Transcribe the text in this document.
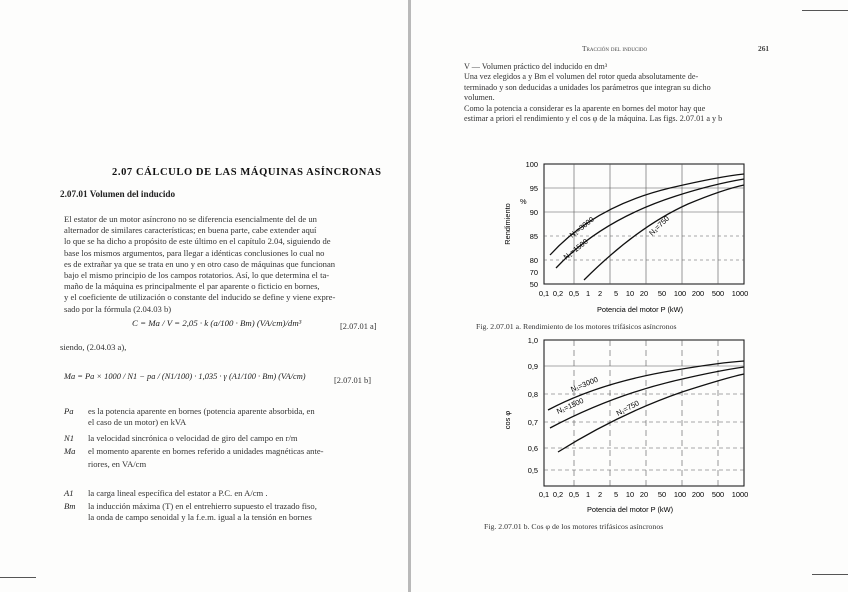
2.07 CÁLCULO DE LAS MÁQUINAS ASÍNCRONAS
2.07.01 Volumen del inducido
El estator de un motor asíncrono no se diferencia esencialmente del de un
alternador de similares características; en buena parte, cabe extender aquí
lo que se ha dicho a propósito de este último en el capítulo 2.04, siguiendo de
base los mismos argumentos, para llegar a idénticas conclusiones lo cual no
es de extrañar ya que se trata en uno y en otro caso de máquinas que funcionan
bajo el mismo principio de los campos rotatorios. Así, lo que determina el ta-
maño de la máquina es principalmente el par aparente o ficticio en bornes,
y el coeficiente de utilización o constante del inducido se define y viene expre-
sado por la fórmula (2.04.03 b)
C = Ma / V = 2,05 · k (a/100 · Bm) (VA/cm)/dm³	[2.07.01 a]
siendo, (2.04.03 a),
Ma = Pa × 1000 / N1 − pa / (N1/100) · 1,035 · γ (A1/100 · Bm) (VA/cm)	[2.07.01 b]
Pa es la potencia aparente en bornes (potencia aparente absorbida, en
el caso de un motor) en kVA
N1 la velocidad sincrónica o velocidad de giro del campo en r/m
Ma el momento aparente en bornes referido a unidades magnéticas ante-
riores, en VA/cm
A1 la carga lineal específica del estator a P.C. en A/cm .
Bm la inducción máxima (T) en el entrehierro supuesto el trazado fiso,
la onda de campo senoidal y la f.e.m. igual a la tensión en bornes
Tracción del inducido	261
V — Volumen práctico del inducido en dm³
Una vez elegidos a y Bm el volumen del rotor queda absolutamente de-
terminado y son deducidas a unidades los parámetros que integran su dicho
volumen.
Como la potencia a considerar es la aparente en bornes del motor hay que
estimar a priori el rendimiento y el cos φ de la máquina. Las figs. 2.07.01 a y b
N₁=3000
N₁=1500
N₁=750
100
95
90
85
80
70
50
%
Rendimiento
0,1 0,2 0,5 1 2 5 10 20 50 100 200 500 1000
Potencia del motor P (kW)
Fig. 2.07.01 a. Rendimiento de los motores trifásicos asíncronos
N₁=3000
N₁=1500	N₁=750
1,0
0,9
0,8
0,7
0,6
0,5
cos φ
0,1 0,2 0,5 1 2 5 10 20 50 100 200 500 1000
Potencia del motor P (kW)
Fig. 2.07.01 b. Cos φ de los motores trifásicos asíncronos
